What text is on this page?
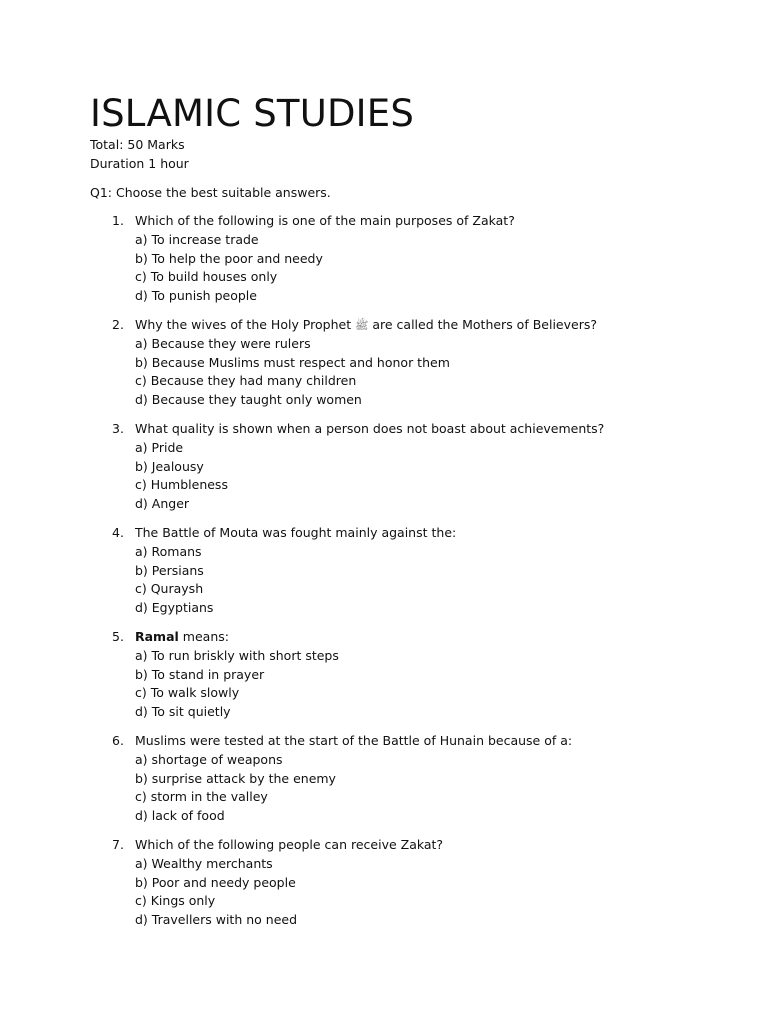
ISLAMIC STUDIES

Total: 50 Marks

Duration 1 hour

Q1: Choose the best suitable answers.

1. Which of the following is one of the main purposes of Zakat?
a) To increase trade
b) To help the poor and needy
c) To build houses only
d) To punish people
2. Why the wives of the Holy Prophet ﷺ are called the Mothers of Believers?
a) Because they were rulers
b) Because Muslims must respect and honor them
c) Because they had many children
d) Because they taught only women
3. What quality is shown when a person does not boast about achievements?
a) Pride
b) Jealousy
c) Humbleness
d) Anger
4. The Battle of Mouta was fought mainly against the:
a) Romans
b) Persians
c) Quraysh
d) Egyptians
5. Ramal means:
a) To run briskly with short steps
b) To stand in prayer
c) To walk slowly
d) To sit quietly
6. Muslims were tested at the start of the Battle of Hunain because of a:
a) shortage of weapons
b) surprise attack by the enemy
c) storm in the valley
d) lack of food
7. Which of the following people can receive Zakat?
a) Wealthy merchants
b) Poor and needy people
c) Kings only
d) Travellers with no need
